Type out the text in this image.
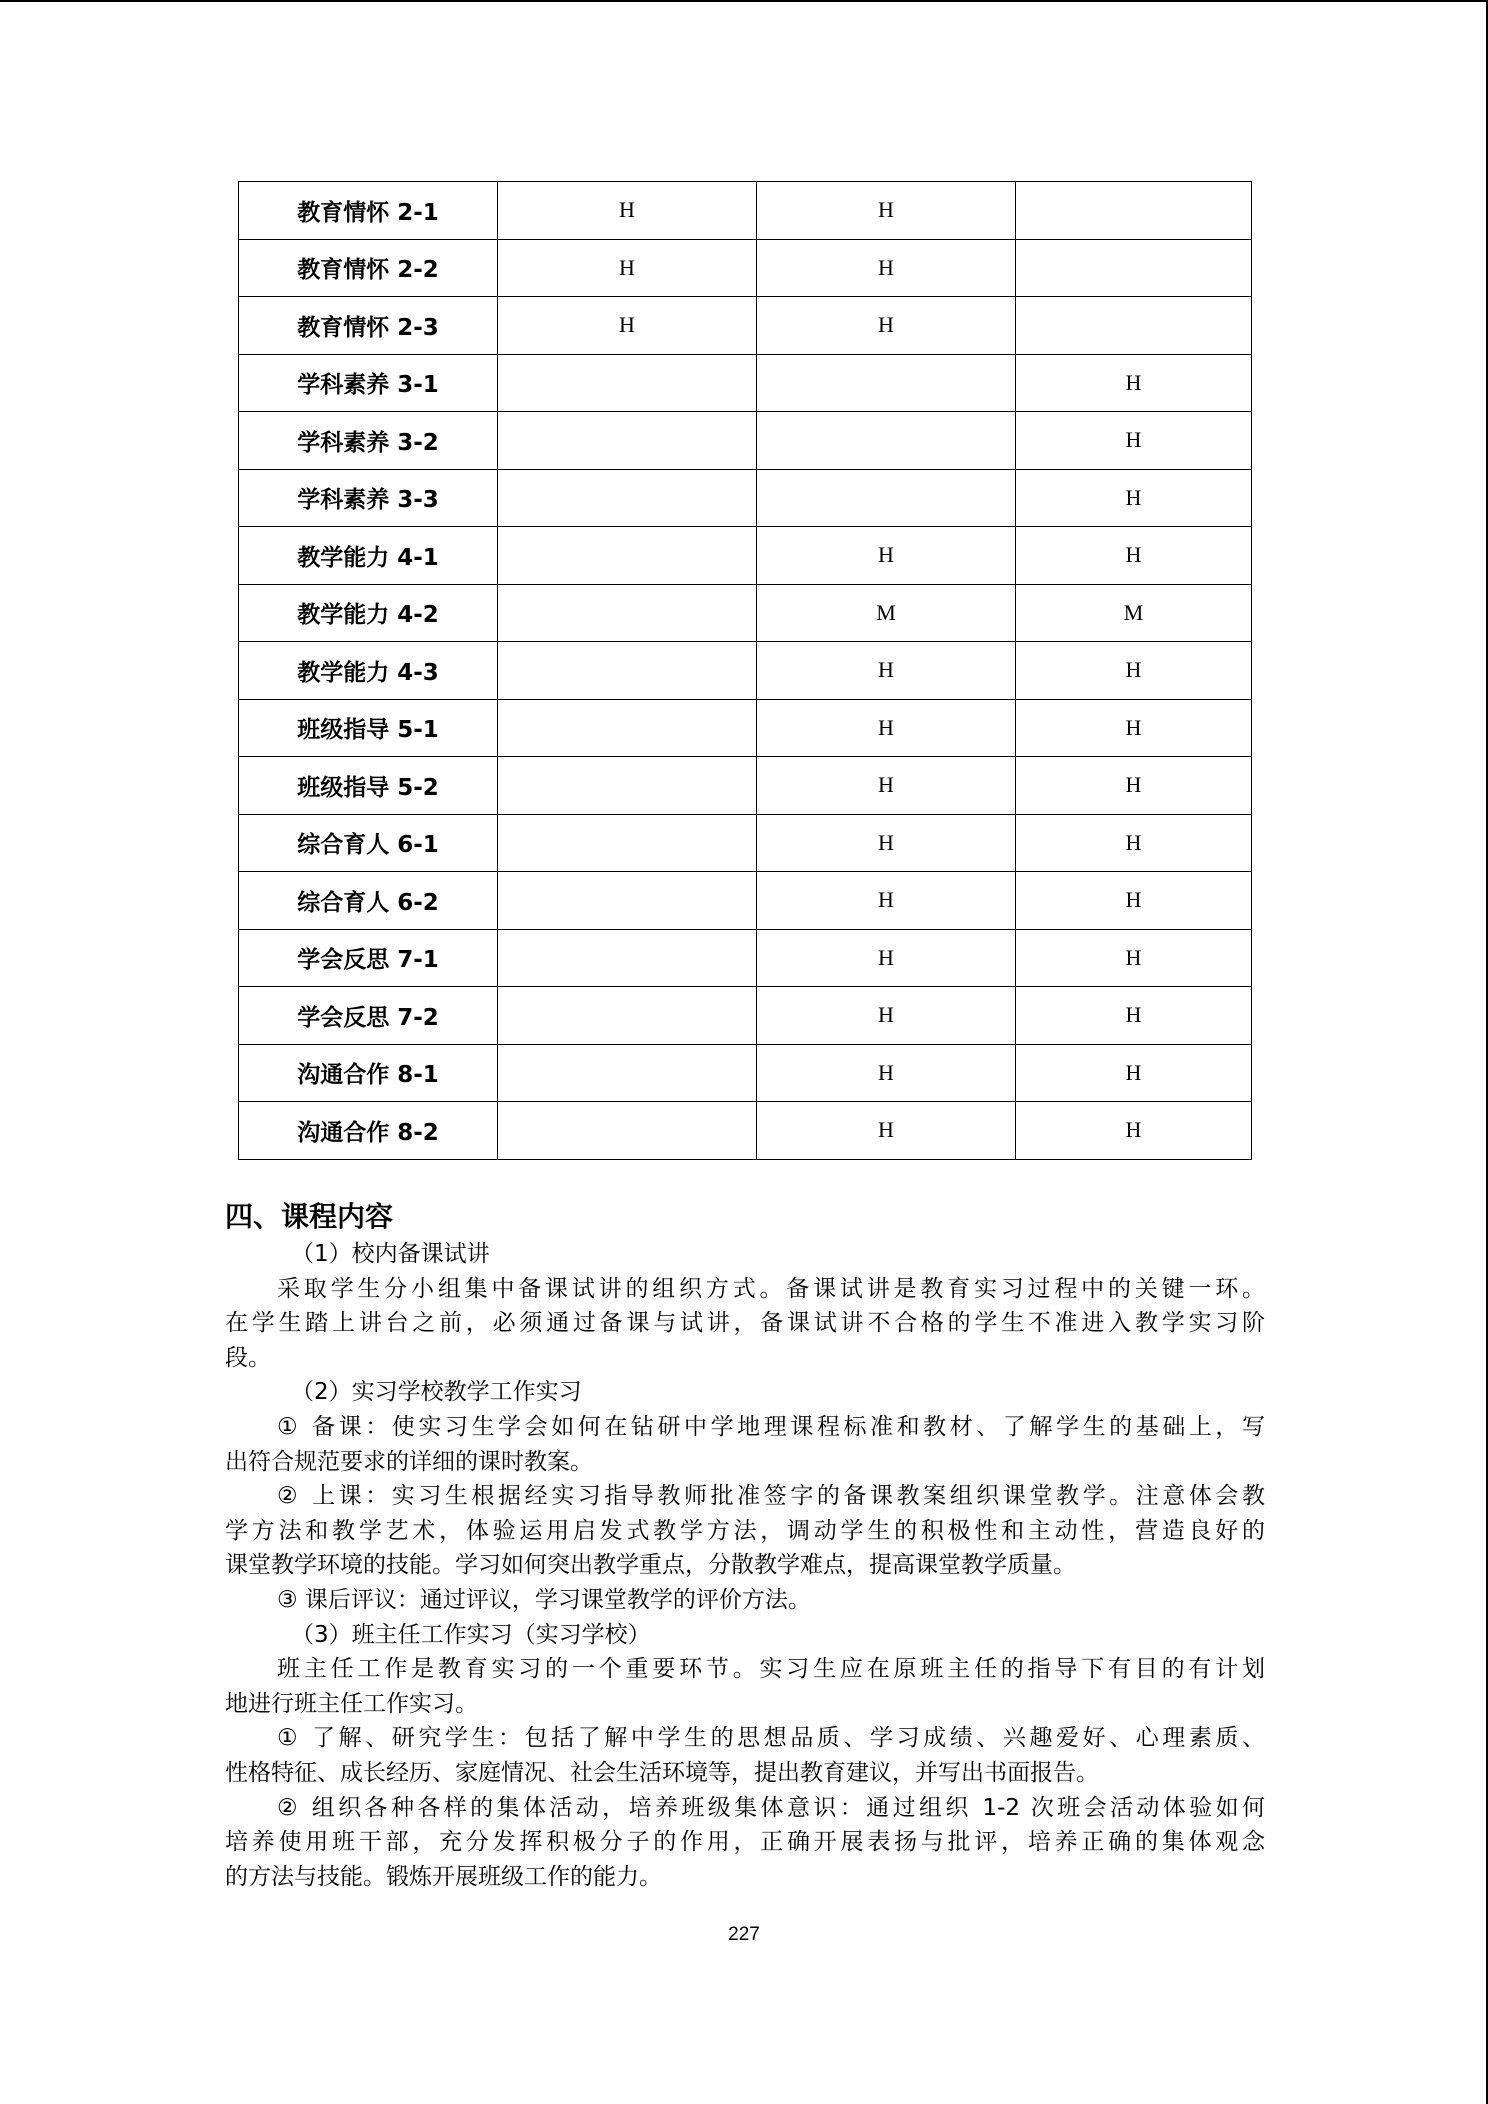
教育情怀 2-1	H	H	
教育情怀 2-2	H	H	
教育情怀 2-3	H	H	
学科素养 3-1			H
学科素养 3-2			H
学科素养 3-3			H
教学能力 4-1		H	H
教学能力 4-2		M	M
教学能力 4-3		H	H
班级指导 5-1		H	H
班级指导 5-2		H	H
综合育人 6-1		H	H
综合育人 6-2		H	H
学会反思 7-1		H	H
学会反思 7-2		H	H
沟通合作 8-1		H	H
沟通合作 8-2		H	H

四、课程内容

（1）校内备课试讲

采取学生分小组集中备课试讲的组织方式。备课试讲是教育实习过程中的关键一环。

在学生踏上讲台之前，必须通过备课与试讲，备课试讲不合格的学生不准进入教学实习阶

段。

（2）实习学校教学工作实习

① 备课：使实习生学会如何在钻研中学地理课程标准和教材、了解学生的基础上，写

出符合规范要求的详细的课时教案。

② 上课：实习生根据经实习指导教师批准签字的备课教案组织课堂教学。注意体会教

学方法和教学艺术，体验运用启发式教学方法，调动学生的积极性和主动性，营造良好的

课堂教学环境的技能。学习如何突出教学重点，分散教学难点，提高课堂教学质量。

③ 课后评议：通过评议，学习课堂教学的评价方法。

（3）班主任工作实习（实习学校）

班主任工作是教育实习的一个重要环节。实习生应在原班主任的指导下有目的有计划

地进行班主任工作实习。

① 了解、研究学生：包括了解中学生的思想品质、学习成绩、兴趣爱好、心理素质、

性格特征、成长经历、家庭情况、社会生活环境等，提出教育建议，并写出书面报告。

② 组织各种各样的集体活动，培养班级集体意识：通过组织 1-2 次班会活动体验如何

培养使用班干部，充分发挥积极分子的作用，正确开展表扬与批评，培养正确的集体观念

的方法与技能。锻炼开展班级工作的能力。

227
